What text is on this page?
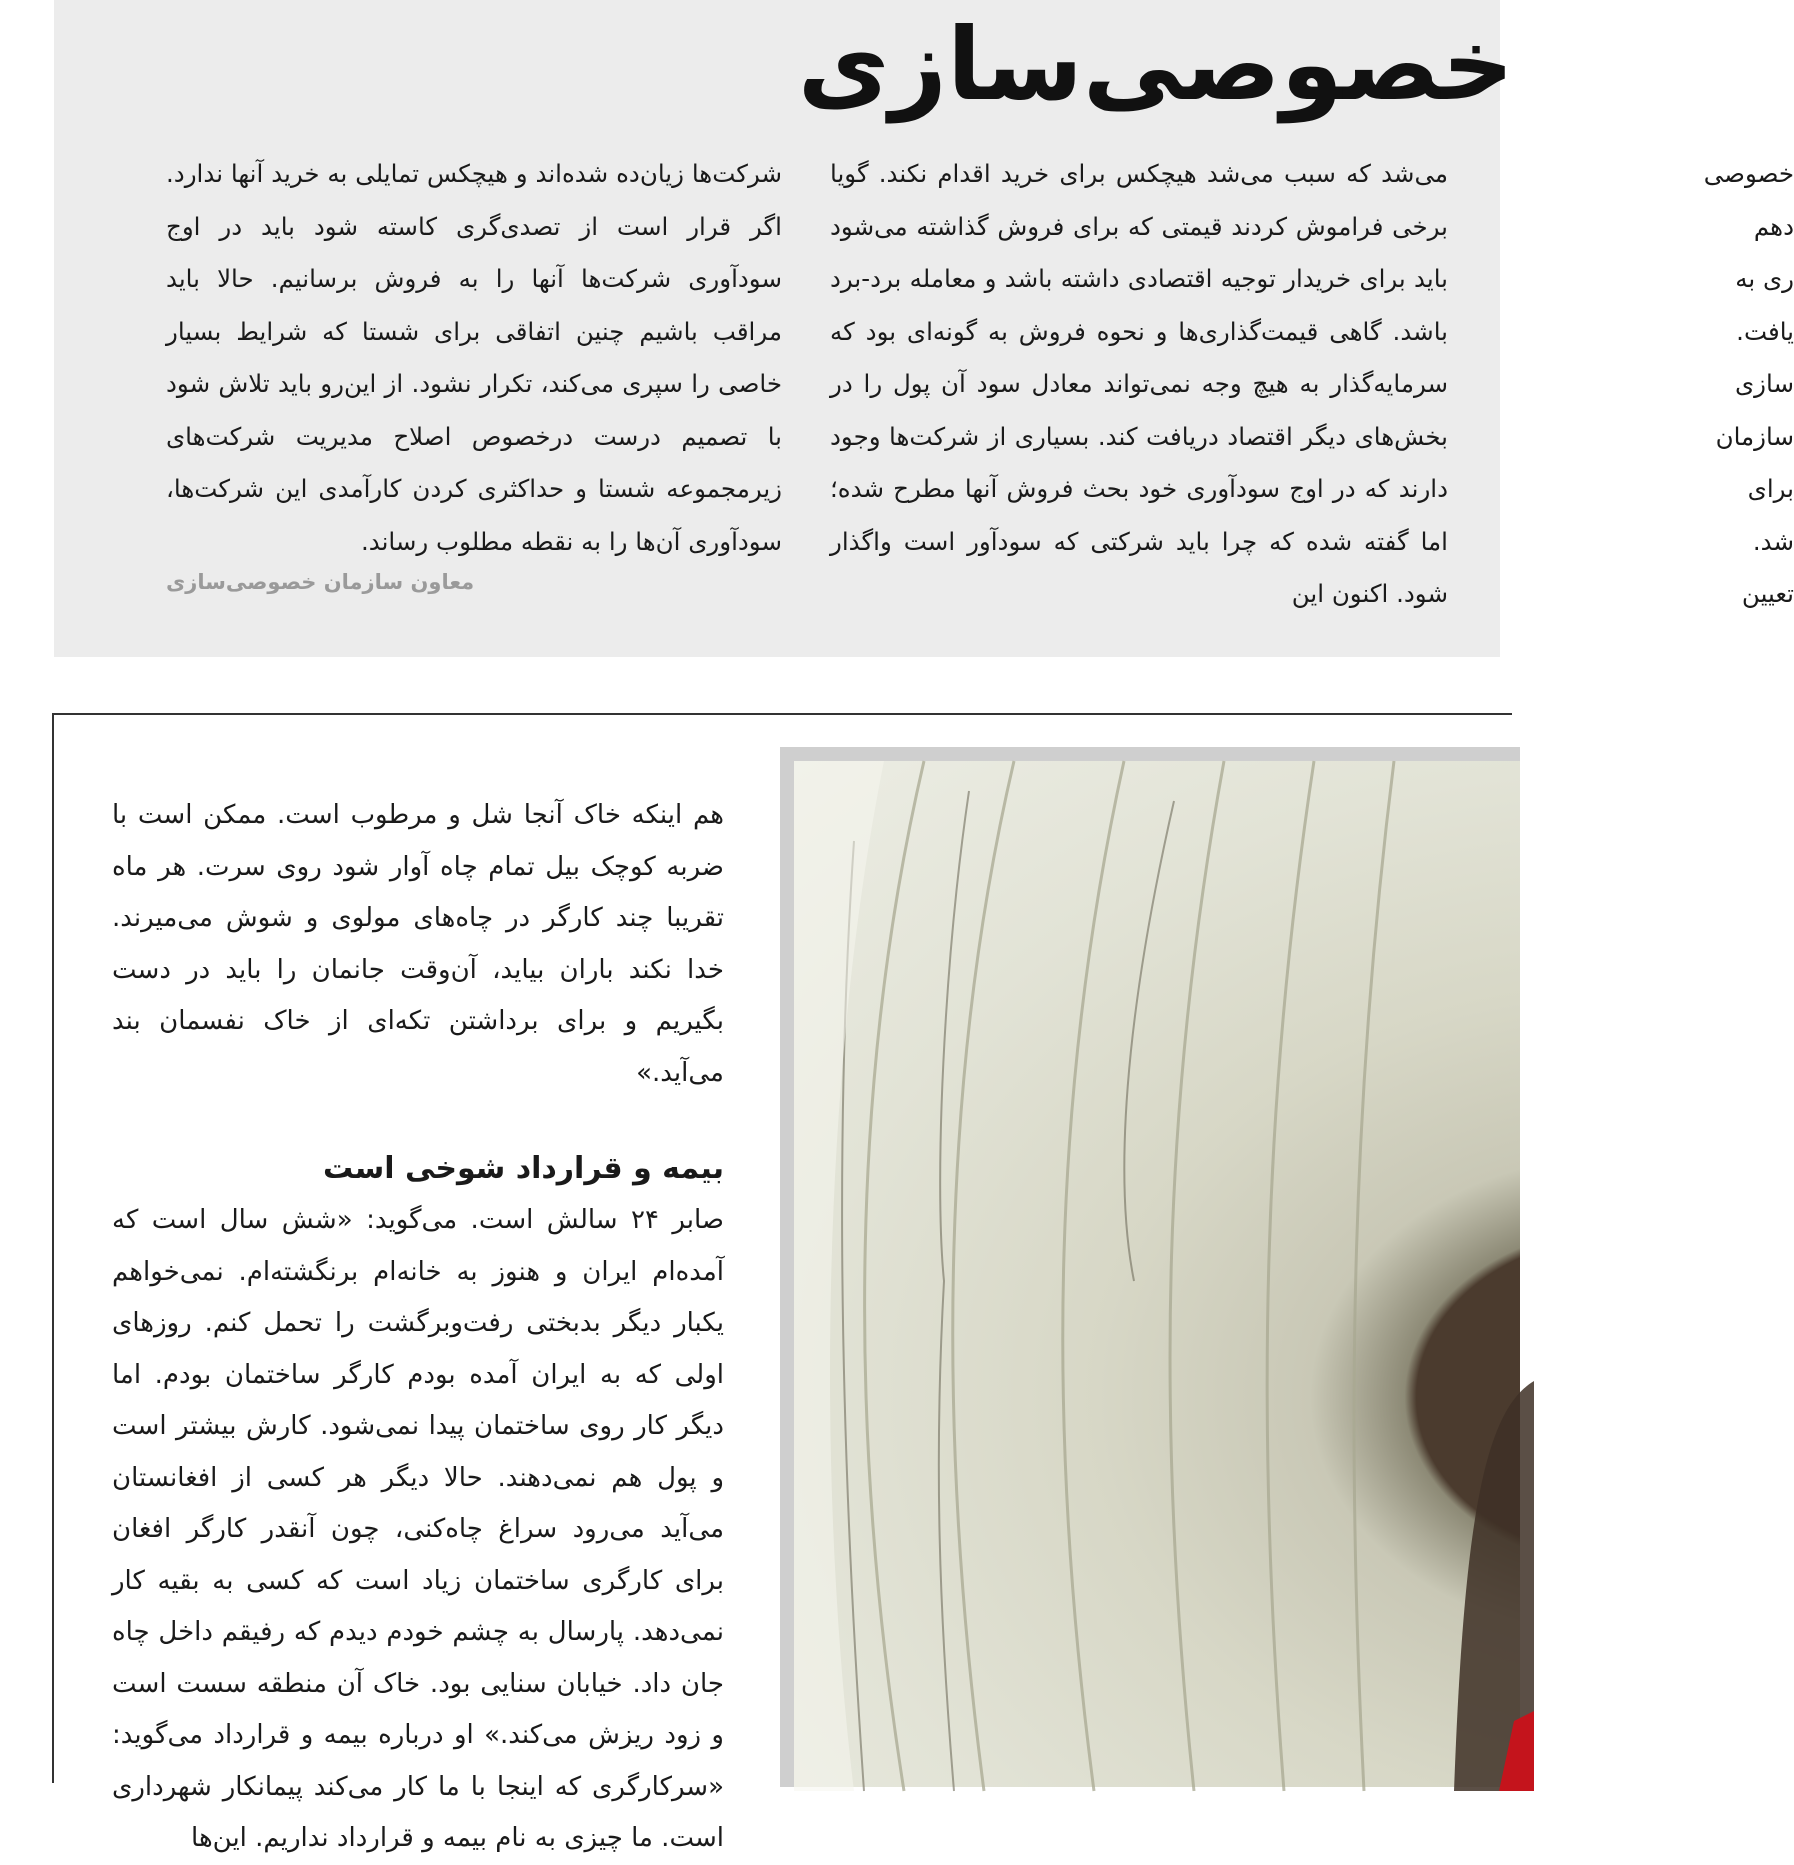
خصوصی‌سازی

خصوصی

دهم

ری به

یافت.

سازی

سازمان

برای

شد.

تعیین

می‌شد که سبب می‌شد هیچکس برای خرید اقدام نکند. گویا برخی فراموش کردند قیمتی که برای فروش گذاشته می‌شود باید برای خریدار توجیه اقتصادی داشته باشد و معامله برد-برد باشد. گاهی قیمت‌گذاری‌ها و نحوه فروش به گونه‌ای بود که سرمایه‌گذار به هیچ وجه نمی‌تواند معادل سود آن پول را در بخش‌های دیگر اقتصاد دریافت کند. بسیاری از شرکت‌ها وجود دارند که در اوج سودآوری خود بحث فروش آنها مطرح شده؛ اما گفته شده که چرا باید شرکتی که سودآور است واگذار شود. اکنون این

شرکت‌ها زیان‌ده شده‌اند و هیچکس تمایلی به خرید آنها ندارد. اگر قرار است از تصدی‌گری کاسته شود باید در اوج سودآوری شرکت‌ها آنها را به فروش برسانیم. حالا باید مراقب باشیم چنین اتفاقی برای شستا که شرایط بسیار خاصی را سپری می‌کند، تکرار نشود. از این‌رو باید تلاش شود با تصمیم درست درخصوص اصلاح مدیریت شرکت‌های زیرمجموعه شستا و حداکثری کردن کارآمدی این شرکت‌ها، سودآوری آن‌ها را به نقطه مطلوب رساند.

معاون سازمان خصوصی‌سازی

هم اینکه خاک آنجا شل و مرطوب است. ممکن است با ضربه کوچک بیل تمام چاه آوار شود روی سرت. هر ماه تقریبا چند کارگر در چاه‌های مولوی و شوش می‌میرند. خدا نکند باران بیاید، آن‌وقت جانمان را باید در دست بگیریم و برای برداشتن تکه‌ای از خاک نفسمان بند می‌آید.»

بیمه و قرارداد شوخی است

صابر ۲۴ سالش است. می‌گوید: «شش سال است که آمده‌ام ایران و هنوز به خانه‌ام برنگشته‌ام. نمی‌خواهم یکبار دیگر بدبختی رفت‌وبرگشت را تحمل کنم. روزهای اولی که به ایران آمده بودم کارگر ساختمان بودم. اما دیگر کار روی ساختمان پیدا نمی‌شود. کارش بیشتر است و پول هم نمی‌دهند. حالا دیگر هر کسی از افغانستان می‌آید می‌رود سراغ چاه‌کنی، چون آنقدر کارگر افغان برای کارگری ساختمان زیاد است که کسی به بقیه کار نمی‌دهد. پارسال به چشم خودم دیدم که رفیقم داخل چاه جان داد. خیابان سنایی بود. خاک آن منطقه سست است و زود ریزش می‌کند.» او درباره بیمه و قرارداد می‌گوید: «سرکارگری که اینجا با ما کار می‌کند پیمانکار شهرداری است. ما چیزی به نام بیمه و قرارداد نداریم. این‌ها
